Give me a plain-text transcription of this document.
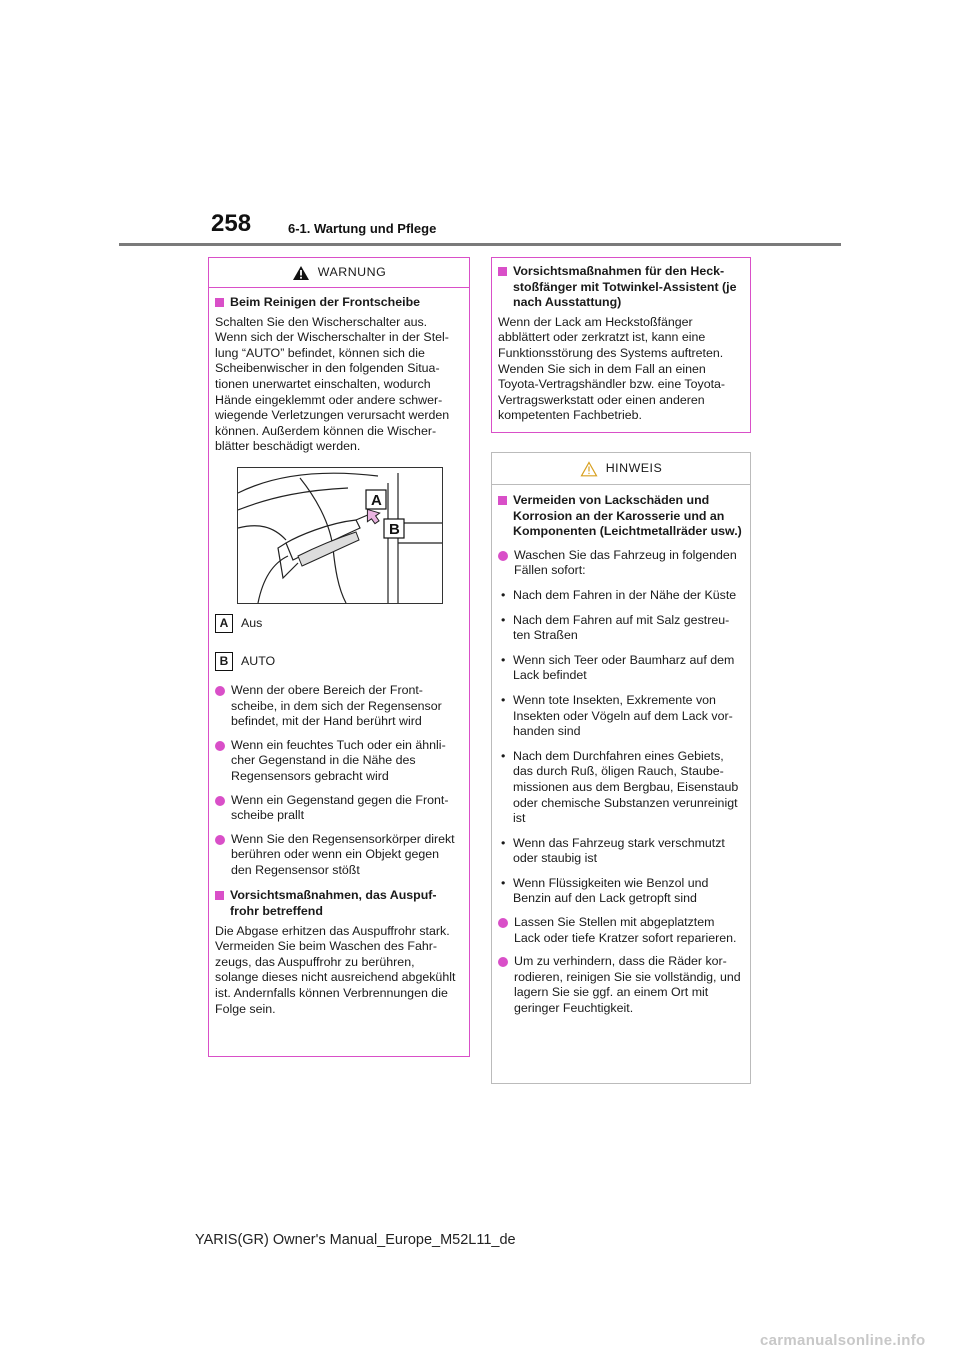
258	6-1. Wartung und Pflege
WARNUNG
Beim Reinigen der Frontscheibe

Schalten Sie den Wischerschalter aus. Wenn sich der Wischerschalter in der Stellung “AUTO” befindet, können sich die Scheibenwischer in den folgenden Situationen unerwartet einschalten, wodurch Hände eingeklemmt oder andere schwerwiegende Verletzungen verursacht werden können. Außerdem können die Wischerblätter beschädigt werden.

A
B
A	Aus
B	AUTO
Wenn der obere Bereich der Frontscheibe, in dem sich der Regensensor befindet, mit der Hand berührt wird
Wenn ein feuchtes Tuch oder ein ähnlicher Gegenstand in die Nähe des Regensensors gebracht wird
Wenn ein Gegenstand gegen die Frontscheibe prallt
Wenn Sie den Regensensorkörper direkt berühren oder wenn ein Objekt gegen den Regensensor stößt
Vorsichtsmaßnahmen, das Auspuffrohr betreffend

Die Abgase erhitzen das Auspuffrohr stark.
Vermeiden Sie beim Waschen des Fahrzeugs, das Auspuffrohr zu berühren, solange dieses nicht ausreichend abgekühlt ist. Andernfalls können Verbrennungen die Folge sein.

Vorsichtsmaßnahmen für den Heckstoßfänger mit Totwinkel-Assistent (je nach Ausstattung)

Wenn der Lack am Heckstoßfänger abblättert oder zerkratzt ist, kann eine Funktionsstörung des Systems auftreten. Wenden Sie sich in dem Fall an einen Toyota-Vertragshändler bzw. eine Toyota-Vertragswerkstatt oder einen anderen kompetenten Fachbetrieb.

HINWEIS
Vermeiden von Lackschäden und Korrosion an der Karosserie und an Komponenten (Leichtmetallräder usw.)
Waschen Sie das Fahrzeug in folgenden Fällen sofort:
• Nach dem Fahren in der Nähe der Küste
• Nach dem Fahren auf mit Salz gestreuten Straßen
• Wenn sich Teer oder Baumharz auf dem Lack befindet
• Wenn tote Insekten, Exkremente von Insekten oder Vögeln auf dem Lack vorhanden sind
• Nach dem Durchfahren eines Gebiets, das durch Ruß, öligen Rauch, Staubemissionen aus dem Bergbau, Eisenstaub oder chemische Substanzen verunreinigt ist
• Wenn das Fahrzeug stark verschmutzt oder staubig ist
• Wenn Flüssigkeiten wie Benzol und Benzin auf den Lack getropft sind
Lassen Sie Stellen mit abgeplatztem Lack oder tiefe Kratzer sofort reparieren.
Um zu verhindern, dass die Räder korrodieren, reinigen Sie sie vollständig, und lagern Sie sie ggf. an einem Ort mit geringer Feuchtigkeit.
YARIS(GR) Owner's Manual_Europe_M52L11_de
carmanualsonline.info
